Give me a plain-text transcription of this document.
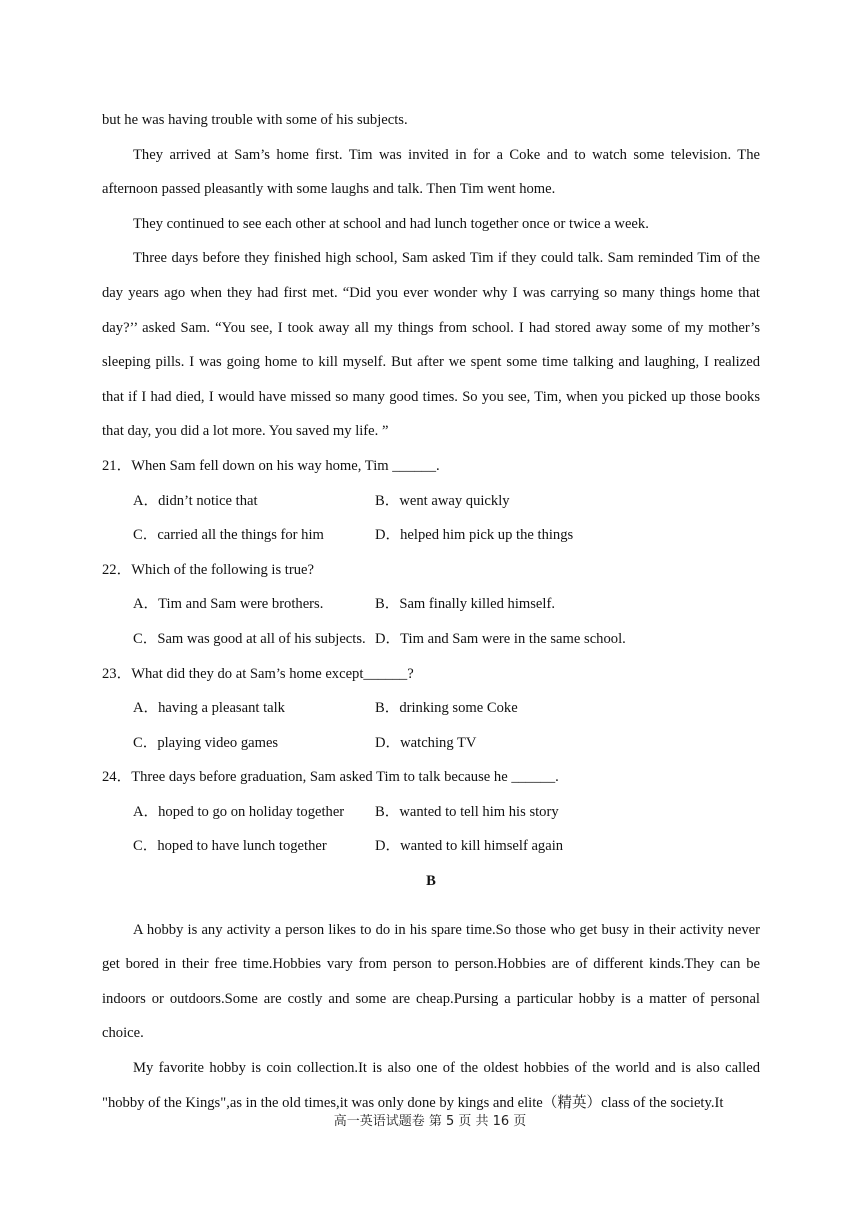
but he was having trouble with some of his subjects.

They arrived at Sam’s home first. Tim was invited in for a Coke and to watch some television. The afternoon passed pleasantly with some laughs and talk. Then Tim went home.

They continued to see each other at school and had lunch together once or twice a week.

Three days before they finished high school, Sam asked Tim if they could talk. Sam reminded Tim of the day years ago when they had first met. “Did you ever wonder why I was carrying so many things home that day?’’ asked Sam. “You see, I took away all my things from school. I had stored away some of my mother’s sleeping pills. I was going home to kill myself. But after we spent some time talking and laughing, I realized that if I had died, I would have missed so many good times. So you see, Tim, when you picked up those books that day, you did a lot more. You saved my life. ”

21．When Sam fell down on his way home, Tim ______.

A．didn’t notice that	B．went away quickly
C．carried all the things for him	D．helped him pick up the things

22．Which of the following is true?

A．Tim and Sam were brothers.	B．Sam finally killed himself.
C．Sam was good at all of his subjects. D．Tim and Sam were in the same school.

23．What did they do at Sam’s home except______?

A．having a pleasant talk	B．drinking some Coke
C．playing video games	D．watching TV

24．Three days before graduation, Sam asked Tim to talk because he ______.

A．hoped to go on holiday together	B．wanted to tell him his story
C．hoped to have lunch together	D．wanted to kill himself again

B

A hobby is any activity a person likes to do in his spare time.So those who get busy in their activity never get bored in their free time.Hobbies vary from person to person.Hobbies are of different kinds.They can be indoors or outdoors.Some are costly and some are cheap.Pursing a particular hobby is a matter of personal choice.

My favorite hobby is coin collection.It is also one of the oldest hobbies of the world and is also called "hobby of the Kings",as in the old times,it was only done by kings and elite（精英）class of the society.It

高一英语试题卷 第 5 页 共 16 页
